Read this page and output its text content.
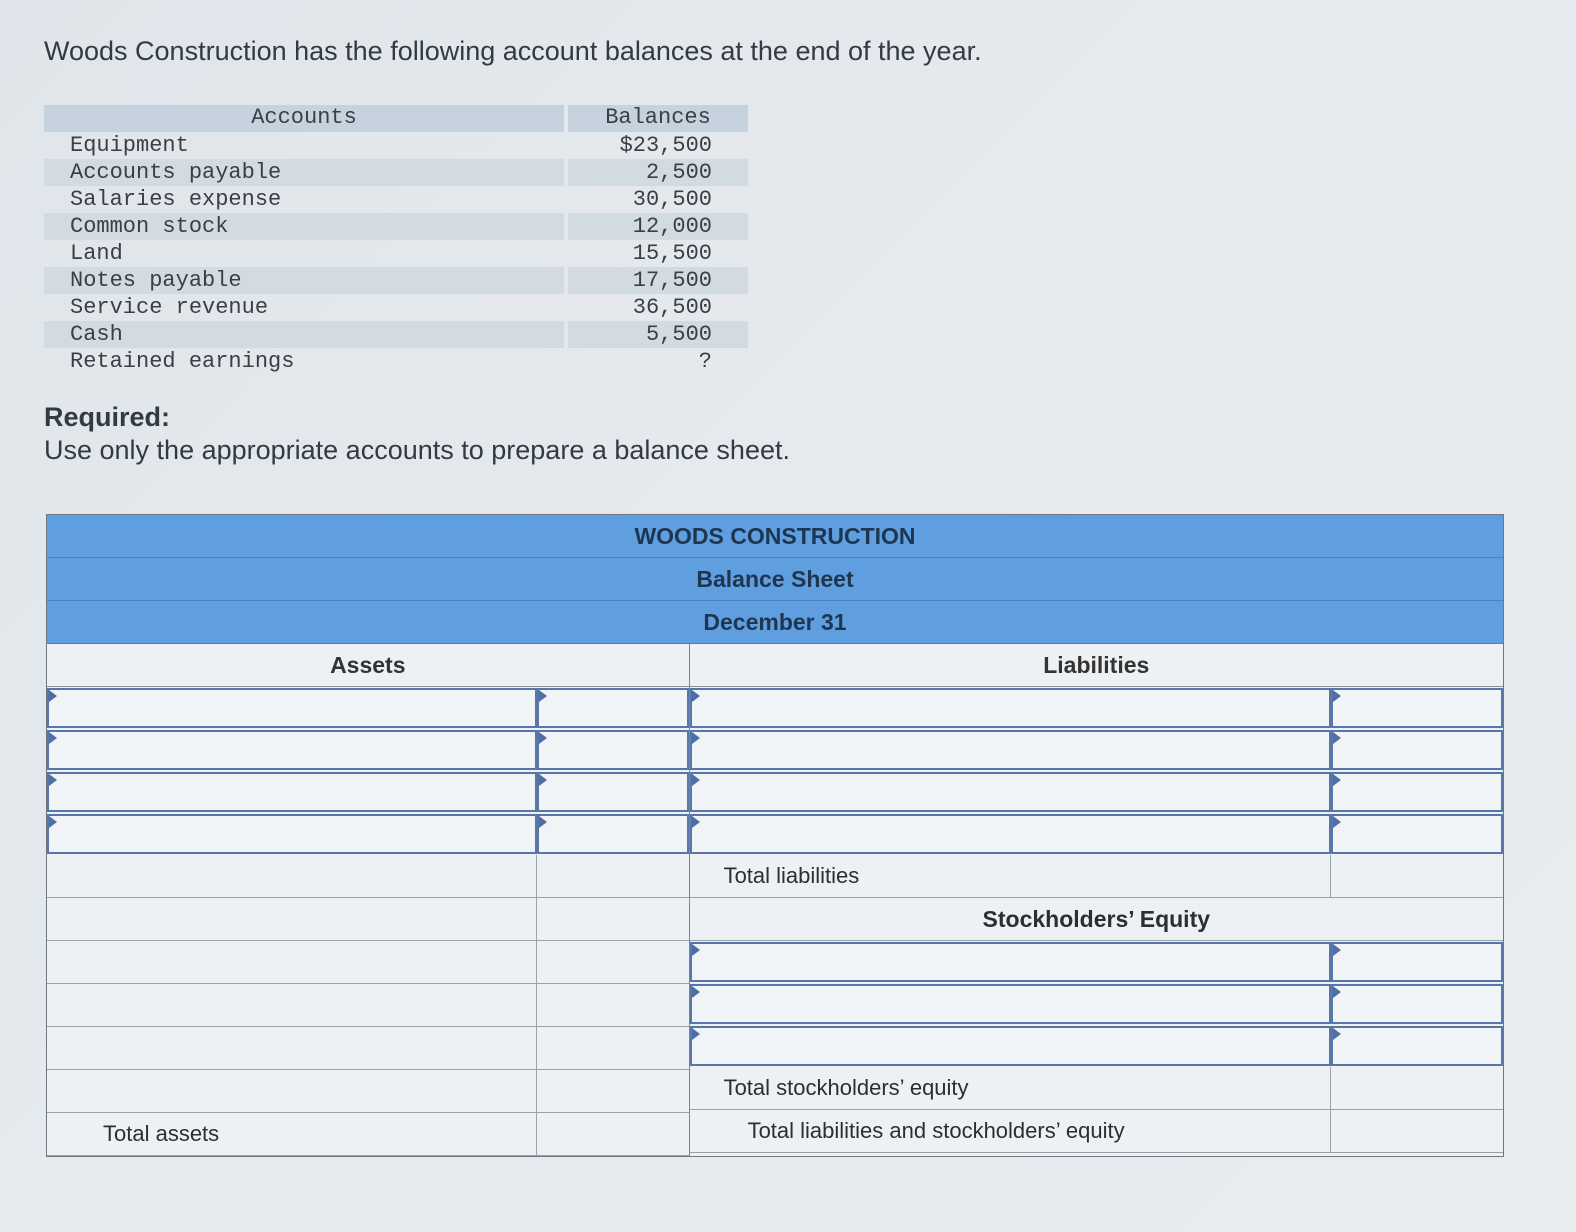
Woods Construction has the following account balances at the end of the year.
Accounts	Balances
Equipment	$23,500
Accounts payable	2,500
Salaries expense	30,500
Common stock	12,000
Land	15,500
Notes payable	17,500
Service revenue	36,500
Cash	5,500
Retained earnings	?
Required:
Use only the appropriate accounts to prepare a balance sheet.
WOODS CONSTRUCTION
Balance Sheet
December 31
Assets
Total assets
Liabilities
Total liabilities
Stockholders’ Equity
Total stockholders’ equity
Total liabilities and stockholders’ equity
